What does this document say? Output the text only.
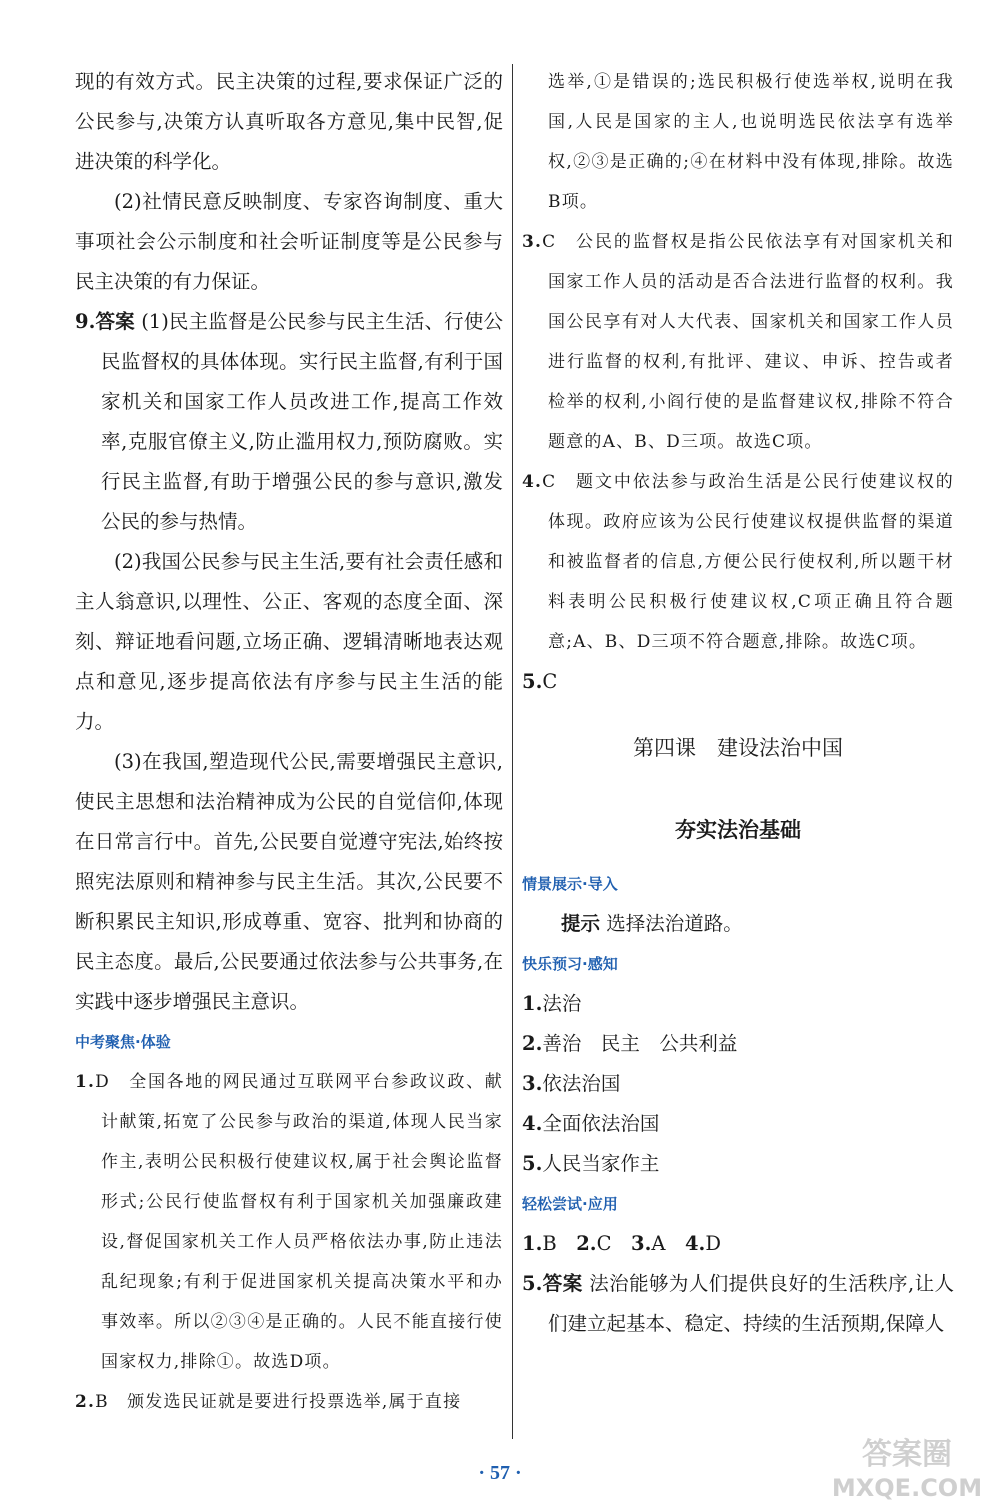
现的有效方式。民主决策的过程,要求保证广泛的公民参与,决策方认真听取各方意见,集中民智,促进决策的科学化。

(2)社情民意反映制度、专家咨询制度、重大事项社会公示制度和社会听证制度等是公民参与民主决策的有力保证。

9.答案 (1)民主监督是公民参与民主生活、行使公民监督权的具体体现。实行民主监督,有利于国家机关和国家工作人员改进工作,提高工作效率,克服官僚主义,防止滥用权力,预防腐败。实行民主监督,有助于增强公民的参与意识,激发公民的参与热情。

(2)我国公民参与民主生活,要有社会责任感和主人翁意识,以理性、公正、客观的态度全面、深刻、辩证地看问题,立场正确、逻辑清晰地表达观点和意见,逐步提高依法有序参与民主生活的能力。

(3)在我国,塑造现代公民,需要增强民主意识,使民主思想和法治精神成为公民的自觉信仰,体现在日常言行中。首先,公民要自觉遵守宪法,始终按照宪法原则和精神参与民主生活。其次,公民要不断积累民主知识,形成尊重、宽容、批判和协商的民主态度。最后,公民要通过依法参与公共事务,在实践中逐步增强民主意识。

中考聚焦·体验

1.D　 全国各地的网民通过互联网平台参政议政、献计献策,拓宽了公民参与政治的渠道,体现人民当家作主,表明公民积极行使建议权,属于社会舆论监督形式;公民行使监督权有利于国家机关加强廉政建设,督促国家机关工作人员严格依法办事,防止违法乱纪现象;有利于促进国家机关提高决策水平和办事效率。所以②③④是正确的。人民不能直接行使国家权力,排除①。故选D项。

2.B　 颁发选民证就是要进行投票选举,属于直接

选举,①是错误的;选民积极行使选举权,说明在我国,人民是国家的主人,也说明选民依法享有选举权,②③是正确的;④在材料中没有体现,排除。故选B项。

3.C　 公民的监督权是指公民依法享有对国家机关和国家工作人员的活动是否合法进行监督的权利。我国公民享有对人大代表、国家机关和国家工作人员进行监督的权利,有批评、建议、申诉、控告或者检举的权利,小阎行使的是监督建议权,排除不符合题意的A、B、D三项。故选C项。

4.C　 题文中依法参与政治生活是公民行使建议权的体现。政府应该为公民行使建议权提供监督的渠道和被监督者的信息,方便公民行使权利,所以题干材料表明公民积极行使建议权,C项正确且符合题意;A、B、D三项不符合题意,排除。故选C项。

5.C

第四课　建设法治中国
夯实法治基础
情景展示·导入

提示 选择法治道路。

快乐预习·感知

1.法治

2.善治　民主　公共利益

3.依法治国

4.全面依法治国

5.人民当家作主

轻松尝试·应用

1.B　 2.C　 3.A　 4.D

5.答案 法治能够为人们提供良好的生活秩序,让人们建立起基本、稳定、持续的生活预期,保障人

· 57 ·
答案圈
MXQE.COM
